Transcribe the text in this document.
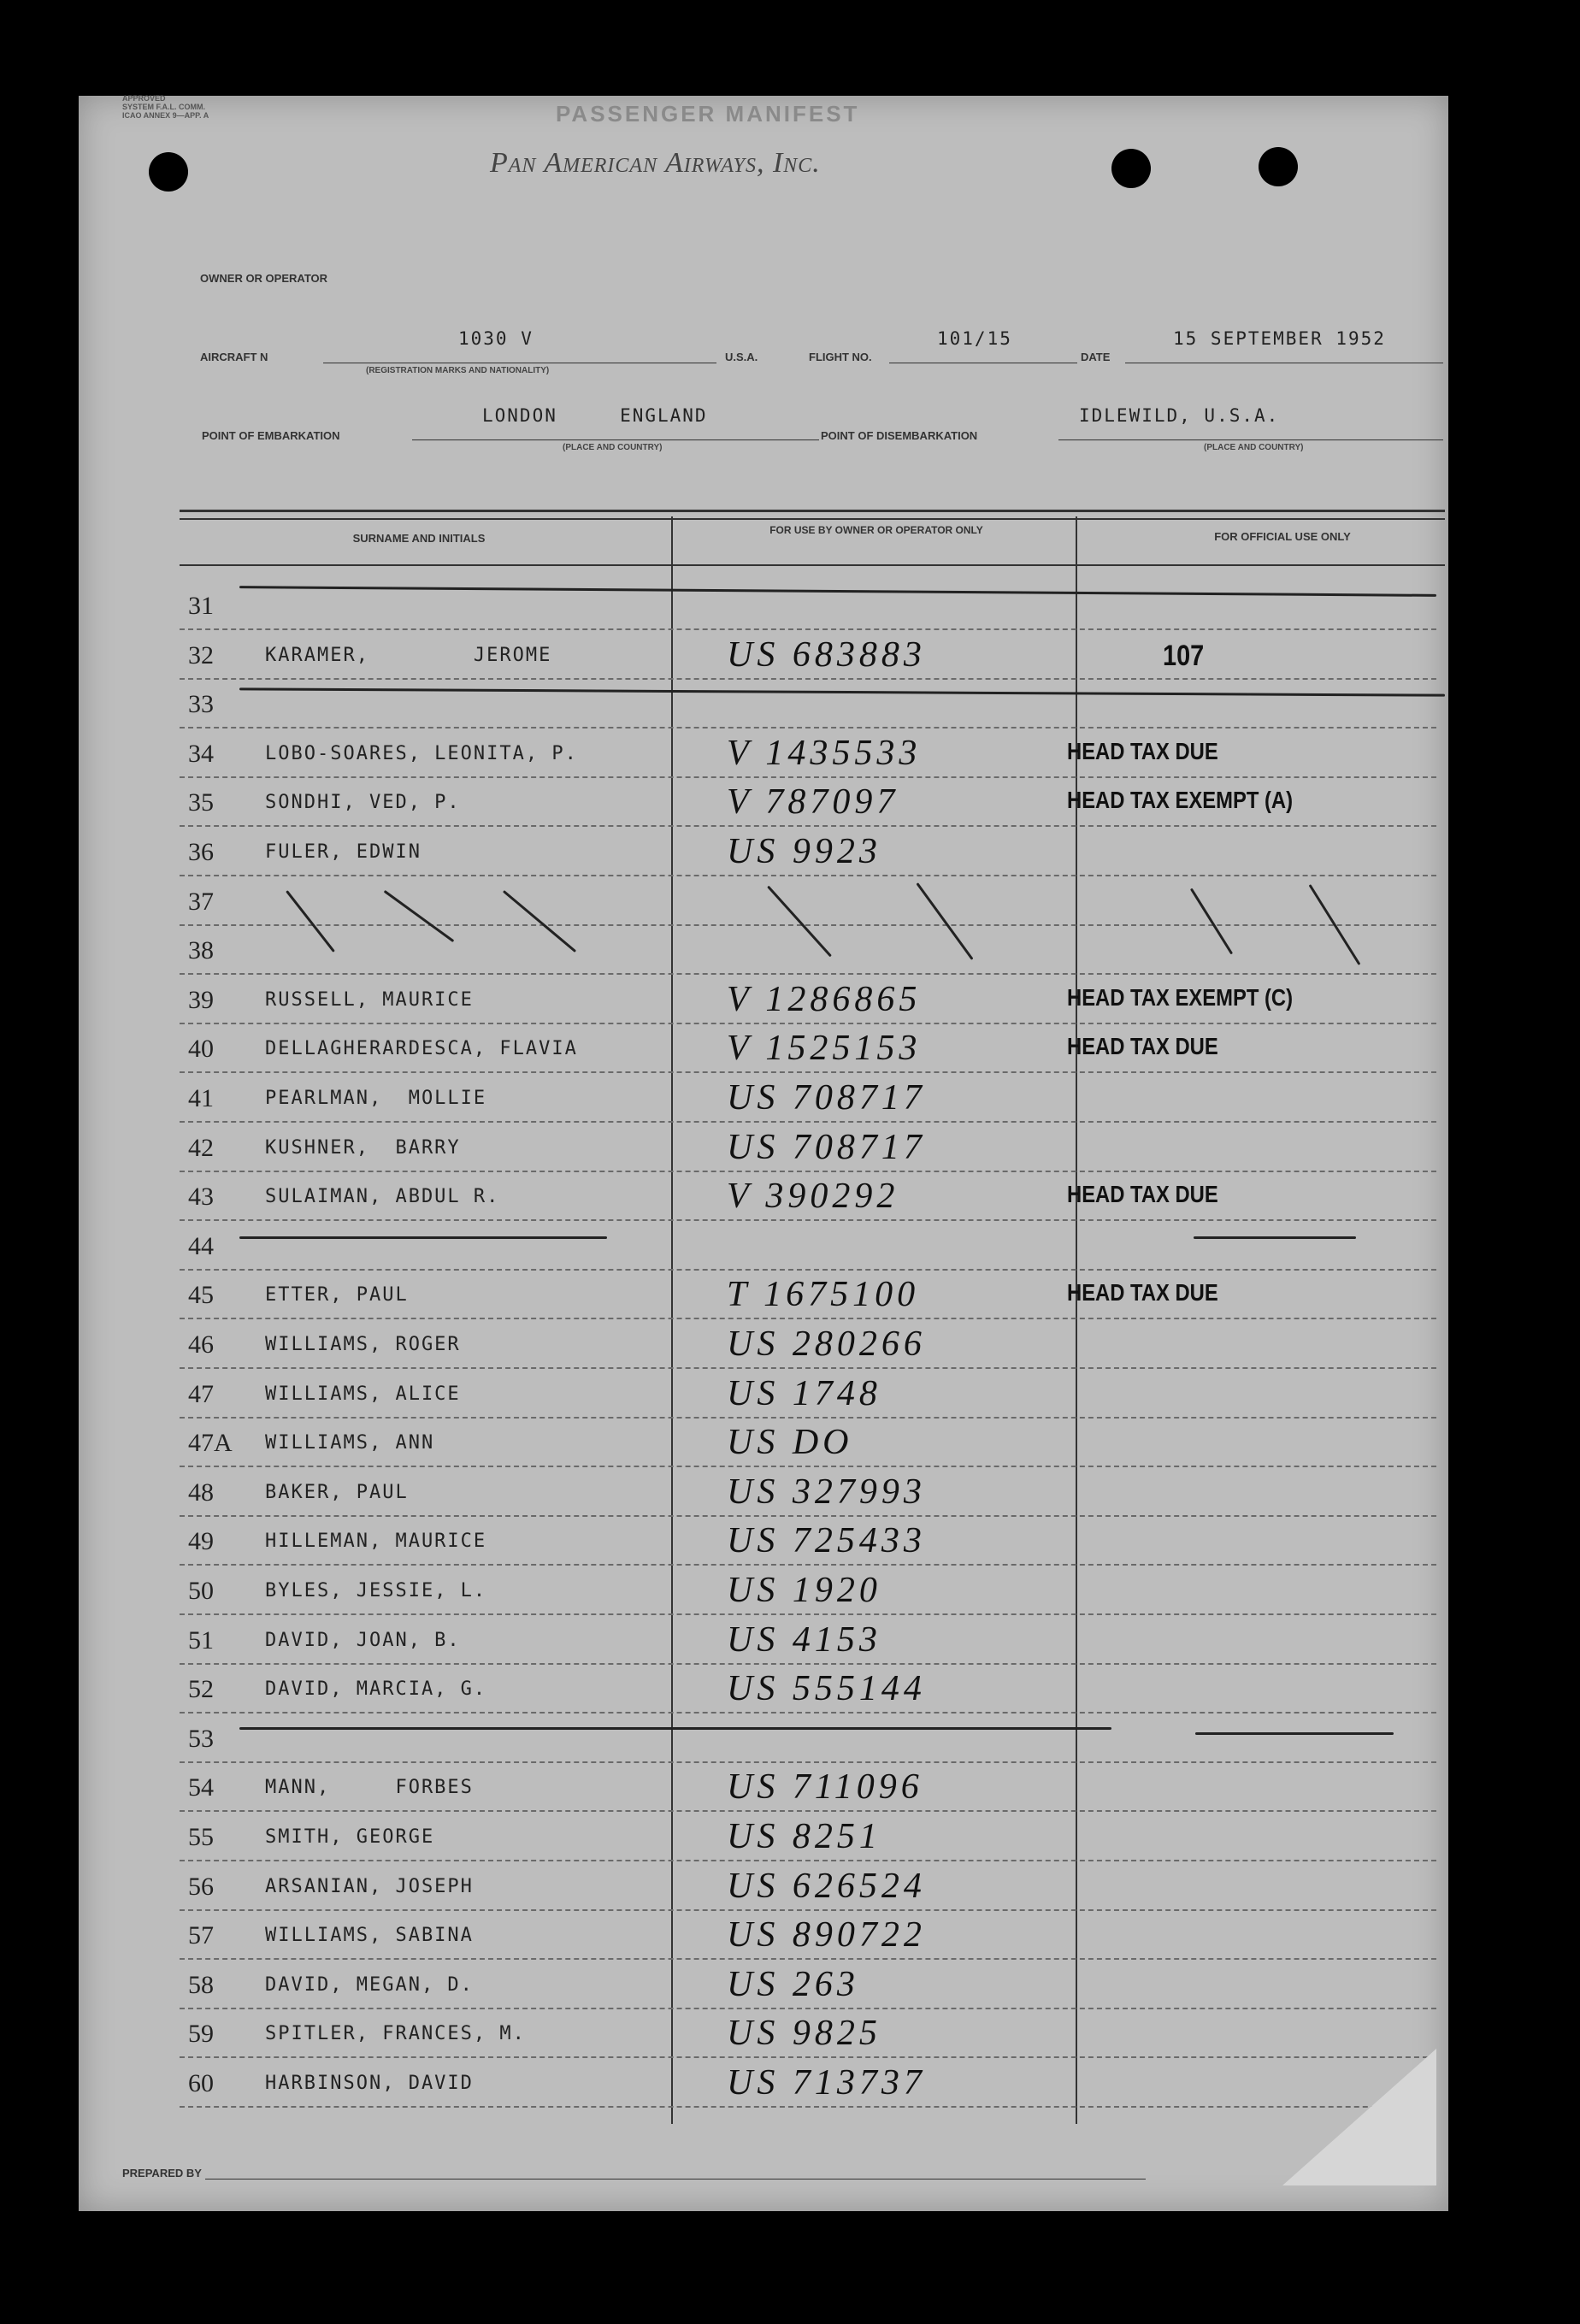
APPROVED
SYSTEM F.A.L. COMM.
ICAO ANNEX 9—APP. A	PASSENGER MANIFEST
Pan American Airways, Inc.
OWNER OR OPERATOR
AIRCRAFT N
1030 V
(REGISTRATION MARKS AND NATIONALITY)
U.S.A.	FLIGHT NO.
101/15
DATE
15 SEPTEMBER 1952
POINT OF EMBARKATION
LONDON     ENGLAND
(PLACE AND COUNTRY)
POINT OF DISEMBARKATION
IDLEWILD, U.S.A.
(PLACE AND COUNTRY)
SURNAME AND INITIALS
FOR USE BY OWNER OR OPERATOR ONLY	FOR OFFICIAL USE ONLY
31
32	KARAMER,        JEROME	US 683883	107
33
34	LOBO-SOARES, LEONITA, P.	V 1435533	HEAD TAX DUE
35	SONDHI, VED, P.	V 787097	HEAD TAX EXEMPT (A)
36	FULER, EDWIN	US 9923
37
38
39	RUSSELL, MAURICE	V 1286865	HEAD TAX EXEMPT (C)
40	DELLAGHERARDESCA, FLAVIA	V 1525153	HEAD TAX DUE
41	PEARLMAN,  MOLLIE	US 708717
42	KUSHNER,  BARRY	US 708717
43	SULAIMAN, ABDUL R.	V 390292	HEAD TAX DUE
44
45	ETTER, PAUL	T 1675100	HEAD TAX DUE
46	WILLIAMS, ROGER	US 280266
47	WILLIAMS, ALICE	US 1748
47A WILLIAMS, ANN	US DO
48	BAKER, PAUL	US 327993
49	HILLEMAN, MAURICE	US 725433
50	BYLES, JESSIE, L.	US 1920
51	DAVID, JOAN, B.	US 4153
52	DAVID, MARCIA, G.	US 555144
53
54	MANN,     FORBES	US 711096
55	SMITH, GEORGE	US 8251
56	ARSANIAN, JOSEPH	US 626524
57	WILLIAMS, SABINA	US 890722
58	DAVID, MEGAN, D.	US 263
59	SPITLER, FRANCES, M.	US 9825
60	HARBINSON, DAVID	US 713737
PREPARED BY
